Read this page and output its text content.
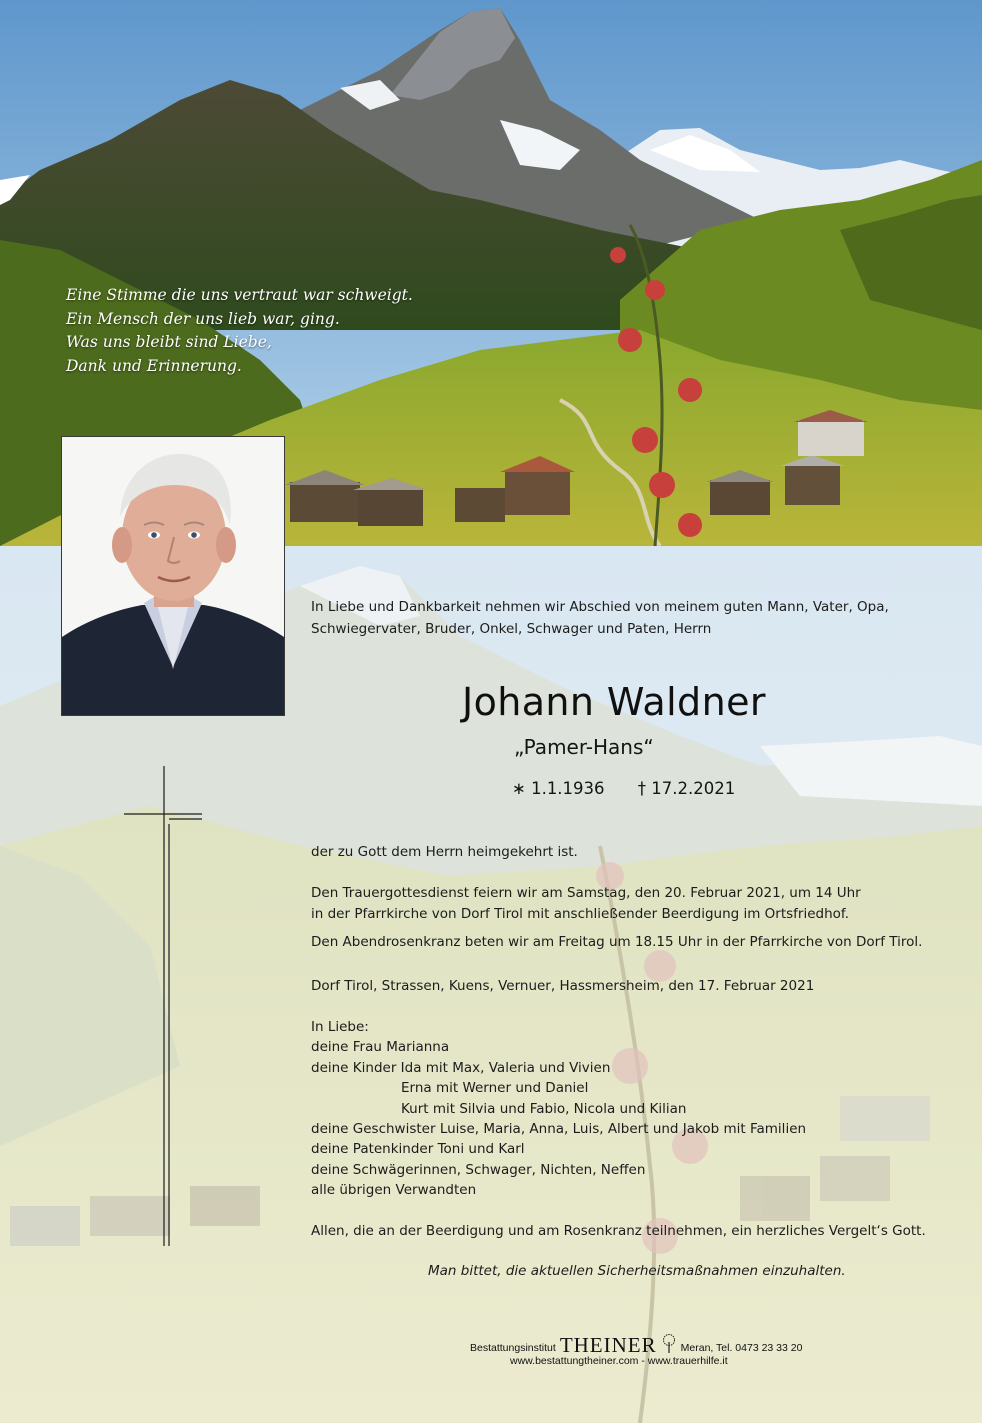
Eine Stimme die uns vertraut war schweigt.
Ein Mensch der uns lieb war, ging.
Was uns bleibt sind Liebe,
Dank und Erinnerung.
In Liebe und Dankbarkeit nehmen wir Abschied von meinem guten Mann, Vater, Opa,
Schwiegervater, Bruder, Onkel, Schwager und Paten, Herrn
Johann Waldner
„Pamer-Hans“
∗ 1.1.1936 † 17.2.2021
der zu Gott dem Herrn heimgekehrt ist.
Den Trauergottesdienst feiern wir am Samstag, den 20. Februar 2021, um 14 Uhr
in der Pfarrkirche von Dorf Tirol mit anschließender Beerdigung im Ortsfriedhof.
Den Abendrosenkranz beten wir am Freitag um 18.15 Uhr in der Pfarrkirche von Dorf Tirol.
Dorf Tirol, Strassen, Kuens, Vernuer, Hassmersheim, den 17. Februar 2021
In Liebe:
deine Frau Marianna
deine Kinder Ida mit Max, Valeria und Vivien
Erna mit Werner und Daniel
Kurt mit Silvia und Fabio, Nicola und Kilian
deine Geschwister Luise, Maria, Anna, Luis, Albert und Jakob mit Familien
deine Patenkinder Toni und Karl
deine Schwägerinnen, Schwager, Nichten, Neffen
alle übrigen Verwandten
Allen, die an der Beerdigung und am Rosenkranz teilnehmen, ein herzliches Vergelt‘s Gott.
Man bittet, die aktuellen Sicherheitsmaßnahmen einzuhalten.
Bestattungsinstitut THEINER Meran, Tel. 0473 23 33 20
www.bestattungtheiner.com - www.trauerhilfe.it
